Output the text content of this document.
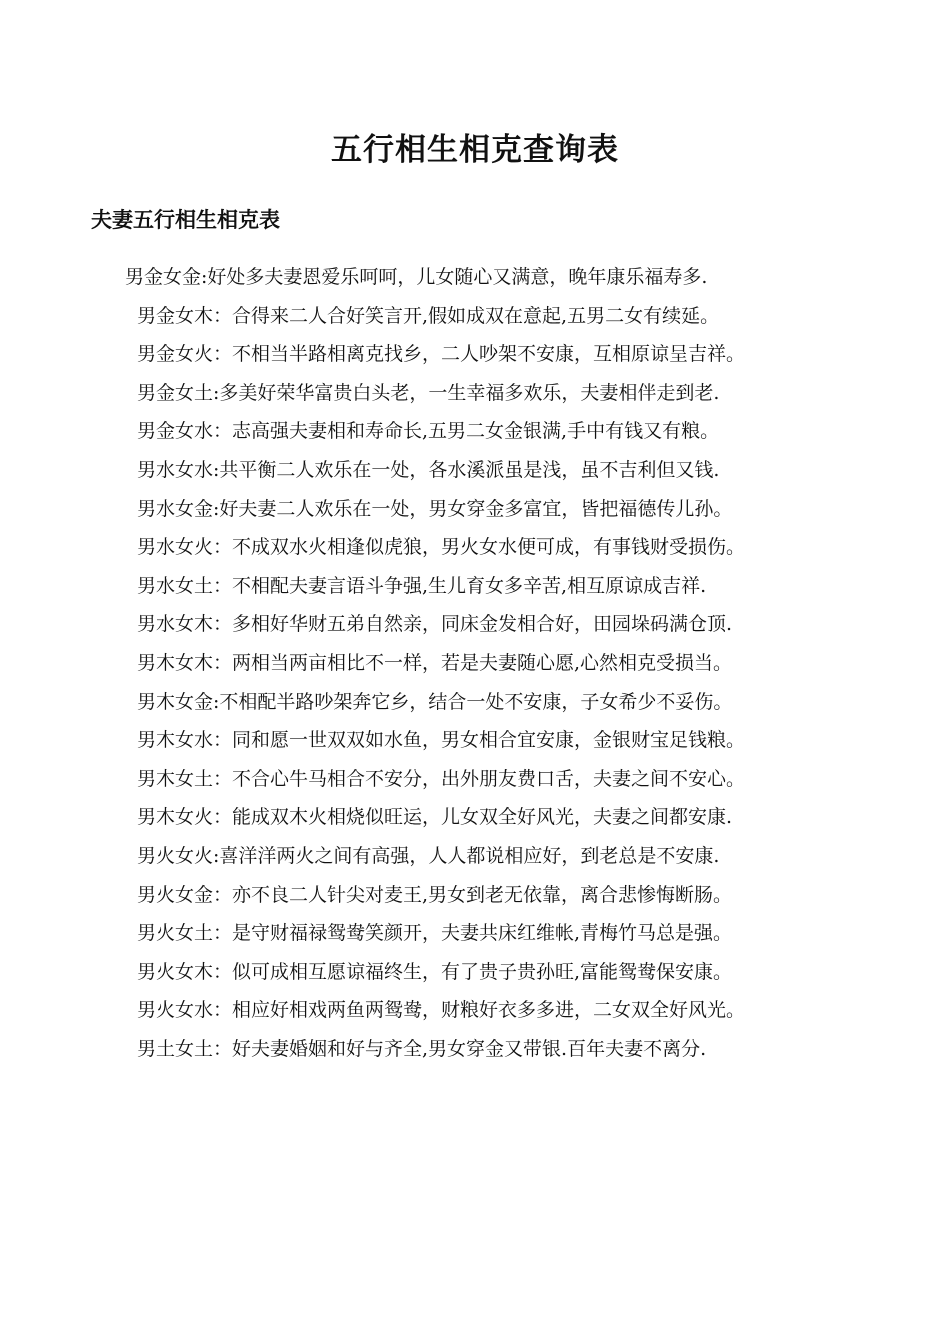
五行相生相克查询表
夫妻五行相生相克表
男金女金:好处多夫妻恩爱乐呵呵，儿女随心又满意，晚年康乐福寿多.
男金女木：合得来二人合好笑言开,假如成双在意起,五男二女有续延。
男金女火：不相当半路相离克找乡，二人吵架不安康，互相原谅呈吉祥。
男金女土:多美好荣华富贵白头老，一生幸福多欢乐，夫妻相伴走到老.
男金女水：志高强夫妻相和寿命长,五男二女金银满,手中有钱又有粮。
男水女水:共平衡二人欢乐在一处，各水溪派虽是浅，虽不吉利但又钱.
男水女金:好夫妻二人欢乐在一处，男女穿金多富宜，皆把福德传儿孙。
男水女火：不成双水火相逢似虎狼，男火女水便可成，有事钱财受损伤。
男水女土：不相配夫妻言语斗争强,生儿育女多辛苦,相互原谅成吉祥.
男水女木：多相好华财五弟自然亲，同床金发相合好，田园垛码满仓顶.
男木女木：两相当两亩相比不一样，若是夫妻随心愿,心然相克受损当。
男木女金:不相配半路吵架奔它乡，结合一处不安康，子女希少不妥伤。
男木女水：同和愿一世双双如水鱼，男女相合宜安康，金银财宝足钱粮。
男木女土：不合心牛马相合不安分，出外朋友费口舌，夫妻之间不安心。
男木女火：能成双木火相烧似旺运，儿女双全好风光，夫妻之间都安康.
男火女火:喜洋洋两火之间有高强，人人都说相应好，到老总是不安康.
男火女金：亦不良二人针尖对麦王,男女到老无依靠，离合悲惨悔断肠。
男火女土：是守财福禄鸳鸯笑颜开，夫妻共床红维帐,青梅竹马总是强。
男火女木：似可成相互愿谅福终生，有了贵子贵孙旺,富能鸳鸯保安康。
男火女水：相应好相戏两鱼两鸳鸯，财粮好衣多多进，二女双全好风光。
男土女土：好夫妻婚姻和好与齐全,男女穿金又带银.百年夫妻不离分.
